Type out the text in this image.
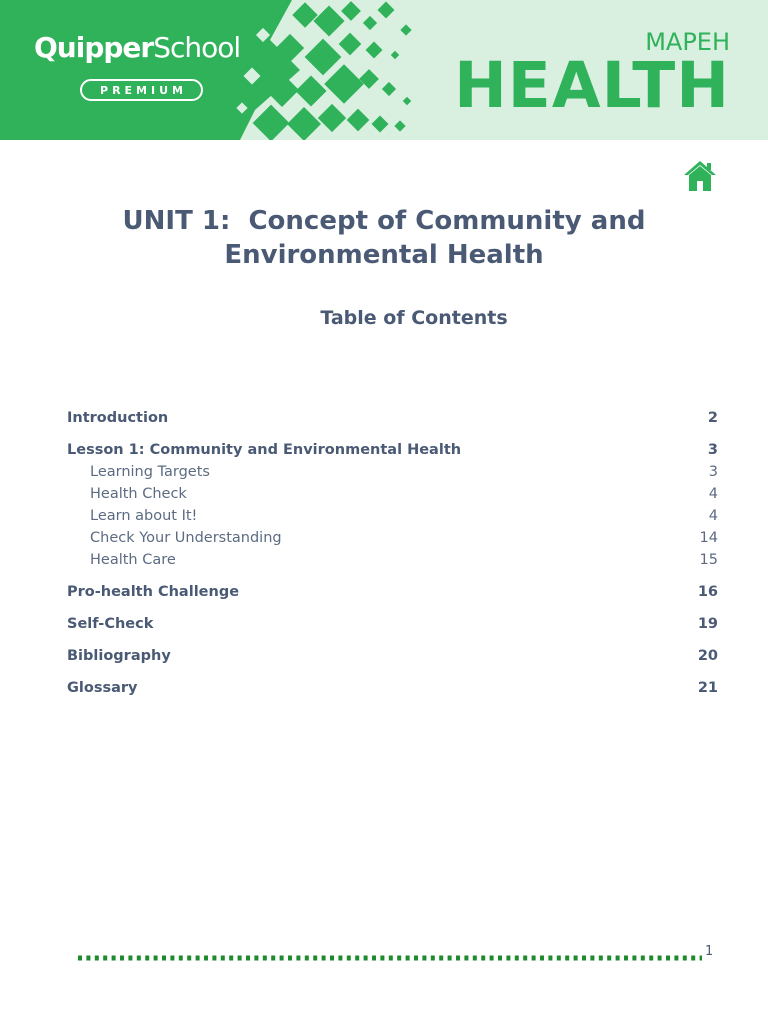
QuipperSchool
PREMIUM
MAPEH
HEALTH
UNIT 1:  Concept of Community and
Environmental Health
Table of Contents
Introduction	2
Lesson 1: Community and Environmental Health	3
Learning Targets	3
Health Check	4
Learn about It!	4
Check Your Understanding	14
Health Care	15
Pro-health Challenge	16
Self-Check	19
Bibliography	20
Glossary	21
1
